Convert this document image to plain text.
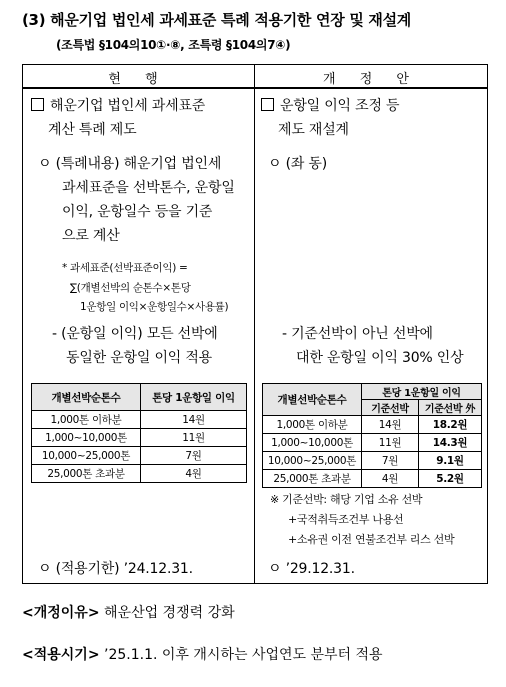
(3) 해운기업 법인세 과세표준 특례 적용기한 연장 및 재설계
(조특법 §104의10①·⑧, 조특령 §104의7④)
현 행	개 정 안
해운기업 법인세 과세표준
계산 특례 제도
ㅇ (특례내용) 해운기업 법인세
과세표준을 선박톤수, 운항일
이익, 운항일수 등을 기준
으로 계산
* 과세표준(선박표준이익) =
∑(개별선박의 순톤수×톤당
1운항일 이익×운항일수×사용률)
- (운항일 이익) 모든 선박에
동일한 운항일 이익 적용
개별선박순톤수	톤당 1운항일 이익
1,000톤 이하분	14원
1,000~10,000톤	11원
10,000~25,000톤	7원
25,000톤 초과분	4원
ㅇ (적용기한) ’24.12.31.
운항일 이익 조정 등
제도 재설계
ㅇ (좌 동)
- 기준선박이 아닌 선박에
대한 운항일 이익 30% 인상
개별선박순톤수	톤당 1운항일 이익	
	기준선박	기준선박 外
1,000톤 이하분	14원	18.2원
1,000~10,000톤	11원	14.3원
10,000~25,000톤	7원	9.1원
25,000톤 초과분	4원	5.2원
※ 기준선박: 해당 기업 소유 선박
+국적취득조건부 나용선
+소유권 이전 연불조건부 리스 선박
ㅇ ’29.12.31.
<개정이유> 해운산업 경쟁력 강화
<적용시기> ’25.1.1. 이후 개시하는 사업연도 분부터 적용
